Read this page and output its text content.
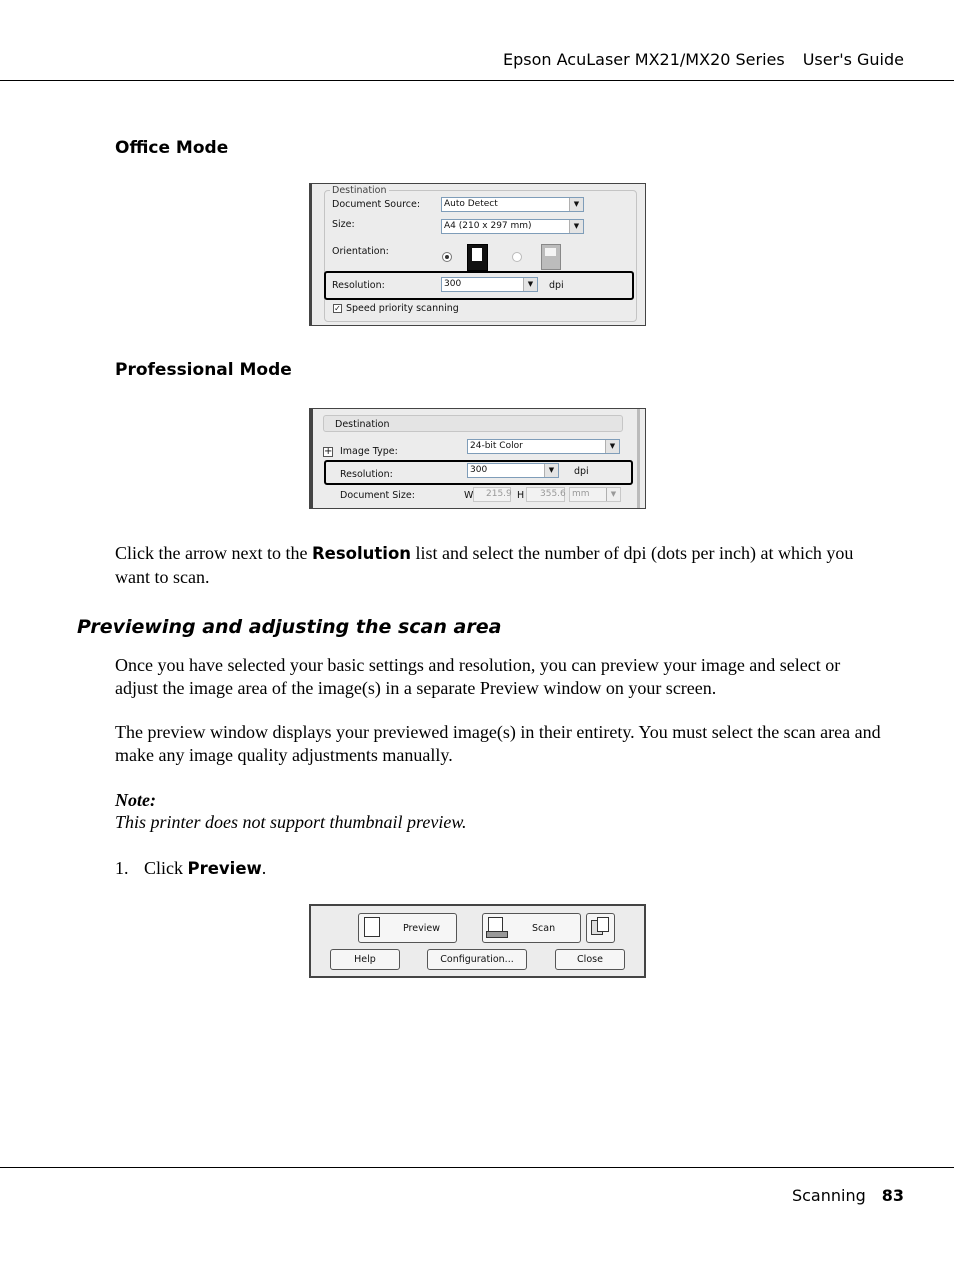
Epson AcuLaser MX21/MX20 Series User's Guide
Office Mode
Destination
Document Source:	Auto Detect	▼
Size:	A4 (210 x 297 mm)	▼
Orientation:
Resolution:	300	▼	dpi
✓ Speed priority scanning
Professional Mode
Destination
+ Image Type:	24-bit Color	▼
Resolution:	300	▼	dpi
Document Size:	W 215.9 H 355.6 mm	▼
Click the arrow next to the Resolution list and select the number of dpi (dots per inch) at which you want to scan.
Previewing and adjusting the scan area
Once you have selected your basic settings and resolution, you can preview your image and select or adjust the image area of the image(s) in a separate Preview window on your screen.
The preview window displays your previewed image(s) in their entirety. You must select the scan area and make any image quality adjustments manually.
Note:
This printer does not support thumbnail preview.
1. Click Preview.
Preview	Scan
Help	Configuration...	Close
Scanning 83
